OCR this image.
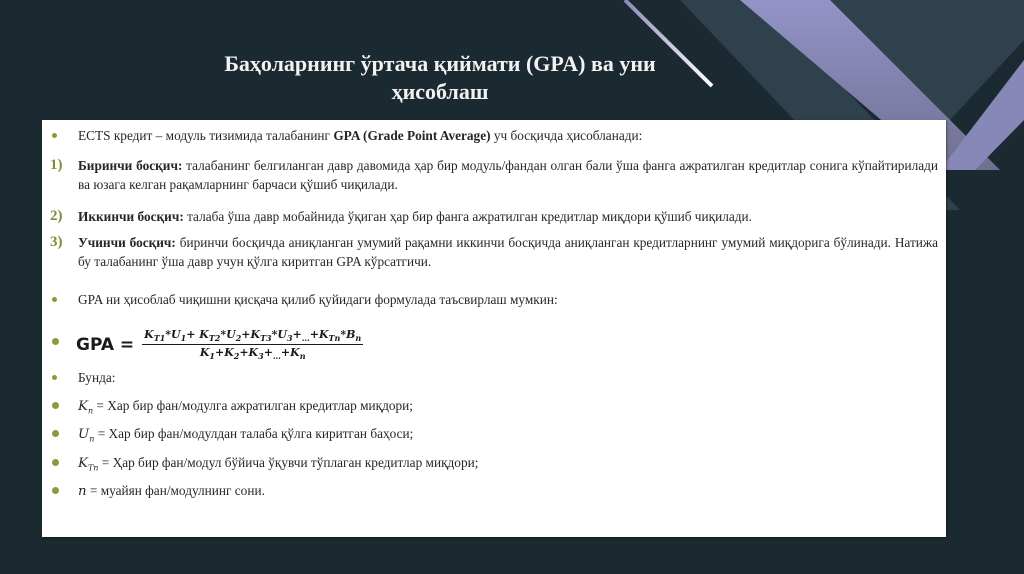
Баҳоларнинг ўртача қиймати (GPA) ва уни
ҳисоблаш
ECTS кредит – модуль тизимида талабанинг GPA (Grade Point Average) уч босқичда ҳисобланади:
1) Биринчи босқич: талабанинг белгиланган давр давомида ҳар бир модуль/фандан олган бали ўша фанга ажратилган кредитлар сонига кўпайтирилади ва юзага келган рақамларнинг барчаси қўшиб чиқилади.
2) Иккинчи босқич: талаба ўша давр мобайнида ўқиган ҳар бир фанга ажратилган кредитлар миқдори қўшиб чиқилади.
3) Учинчи босқич: биринчи босқичда аниқланган умумий рақамни иккинчи босқичда аниқланган кредитларнинг умумий миқдорига бўлинади. Натижа бу талабанинг ўша давр учун қўлга киритган GPA кўрсатгичи.
GPA ни ҳисоблаб чиқишни қисқача қилиб қуйидаги формулада таъсвирлаш мумкин:
GPA = $\frac{K_{T1}*U_1+ K_{T2}*U_2+K_{T3}*U_3+_\dots+K_{Tn}*B_n}{K_1+K_2+K_3+_\dots+K_n}$
Бунда:
$K_n$ = Хар бир фан/модулга ажратилган кредитлар миқдори;
$U_n$ = Хар бир фан/модулдан талаба қўлга киритган баҳоси;
$K_{Tn}$ = Ҳар бир фан/модул бўйича ўқувчи тўплаган кредитлар миқдори;
n = муайян фан/модулнинг сони.
